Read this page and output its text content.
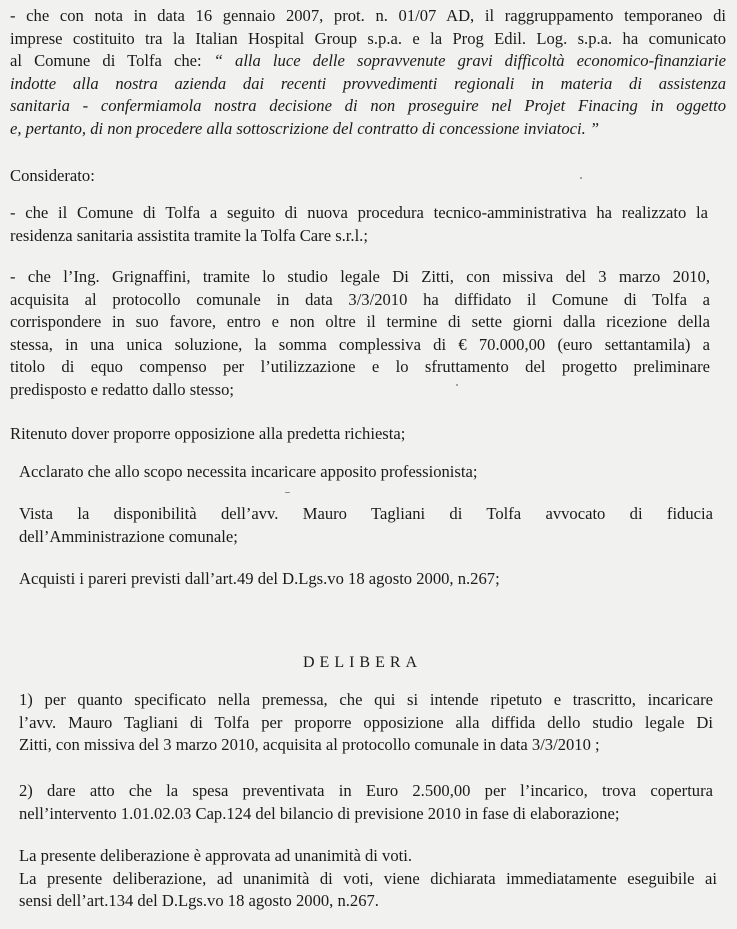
- che con nota in data 16 gennaio 2007, prot. n. 01/07 AD, il raggruppamento temporaneo di
imprese costituito tra la Italian Hospital Group s.p.a. e la Prog Edil. Log. s.p.a. ha comunicato
al Comune di Tolfa che: “ alla luce delle sopravvenute gravi difficoltà economico-finanziarie
indotte alla nostra azienda dai recenti provvedimenti regionali in materia di assistenza
sanitaria - confermiamola nostra decisione di non proseguire nel Projet Finacing in oggetto
e, pertanto, di non procedere alla sottoscrizione del contratto di concessione inviatoci. ”
Considerato:
- che il Comune di Tolfa a seguito di nuova procedura tecnico-amministrativa ha realizzato la
residenza sanitaria assistita tramite la Tolfa Care s.r.l.;
- che l’Ing. Grignaffini, tramite lo studio legale Di Zitti, con missiva del 3 marzo 2010,
acquisita al protocollo comunale in data 3/3/2010 ha diffidato il Comune di Tolfa a
corrispondere in suo favore, entro e non oltre il termine di sette giorni dalla ricezione della
stessa, in una unica soluzione, la somma complessiva di € 70.000,00 (euro settantamila) a
titolo di equo compenso per l’utilizzazione e lo sfruttamento del progetto preliminare
predisposto e redatto dallo stesso;
Ritenuto dover proporre opposizione alla predetta richiesta;
Acclarato che allo scopo necessita incaricare apposito professionista;
Vista la disponibilità dell’avv. Mauro Tagliani di Tolfa avvocato di fiducia
dell’Amministrazione comunale;
Acquisti i pareri previsti dall’art.49 del D.Lgs.vo 18 agosto 2000, n.267;
DELIBERA
1) per quanto specificato nella premessa, che qui si intende ripetuto e trascritto, incaricare
l’avv. Mauro Tagliani di Tolfa per proporre opposizione alla diffida dello studio legale Di
Zitti, con missiva del 3 marzo 2010, acquisita al protocollo comunale in data 3/3/2010 ;
2) dare atto che la spesa preventivata in Euro 2.500,00 per l’incarico, trova copertura
nell’intervento 1.01.02.03 Cap.124 del bilancio di previsione 2010 in fase di elaborazione;
La presente deliberazione è approvata ad unanimità di voti.
La presente deliberazione, ad unanimità di voti, viene dichiarata immediatamente eseguibile ai
sensi dell’art.134 del D.Lgs.vo 18 agosto 2000, n.267.
